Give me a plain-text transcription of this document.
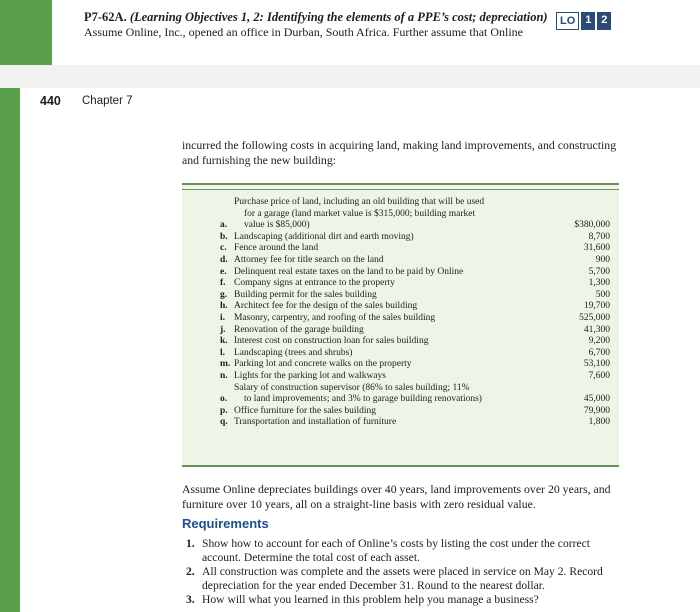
P7-62A. (Learning Objectives 1, 2: Identifying the elements of a PPE’s cost; depreciation)
Assume Online, Inc., opened an office in Durban, South Africa. Further assume that Online
LO 1 2
440 Chapter 7
incurred the following costs in acquiring land, making land improvements, and constructing and furnishing the new building:
a.
Purchase price of land, including an old building that will be used
for a garage (land market value is $315,000; building market
value is $85,000)	$380,000
b. Landscaping (additional dirt and earth moving)	8,700
c. Fence around the land	31,600
d. Attorney fee for title search on the land	900
e. Delinquent real estate taxes on the land to be paid by Online	5,700
f. Company signs at entrance to the property	1,300
g. Building permit for the sales building	500
h. Architect fee for the design of the sales building	19,700
i. Masonry, carpentry, and roofing of the sales building	525,000
j. Renovation of the garage building	41,300
k. Interest cost on construction loan for sales building	9,200
l. Landscaping (trees and shrubs)	6,700
m. Parking lot and concrete walks on the property	53,100
n. Lights for the parking lot and walkways	7,600
o.
Salary of construction supervisor (86% to sales building; 11%
to land improvements; and 3% to garage building renovations)	45,000
p. Office furniture for the sales building	79,900
q. Transportation and installation of furniture	1,800
Assume Online depreciates buildings over 40 years, land improvements over 20 years, and furniture over 10 years, all on a straight-line basis with zero residual value.
Requirements
1. Show how to account for each of Online’s costs by listing the cost under the correct account. Determine the total cost of each asset.
2. All construction was complete and the assets were placed in service on May 2. Record depreciation for the year ended December 31. Round to the nearest dollar.
3. How will what you learned in this problem help you manage a business?
